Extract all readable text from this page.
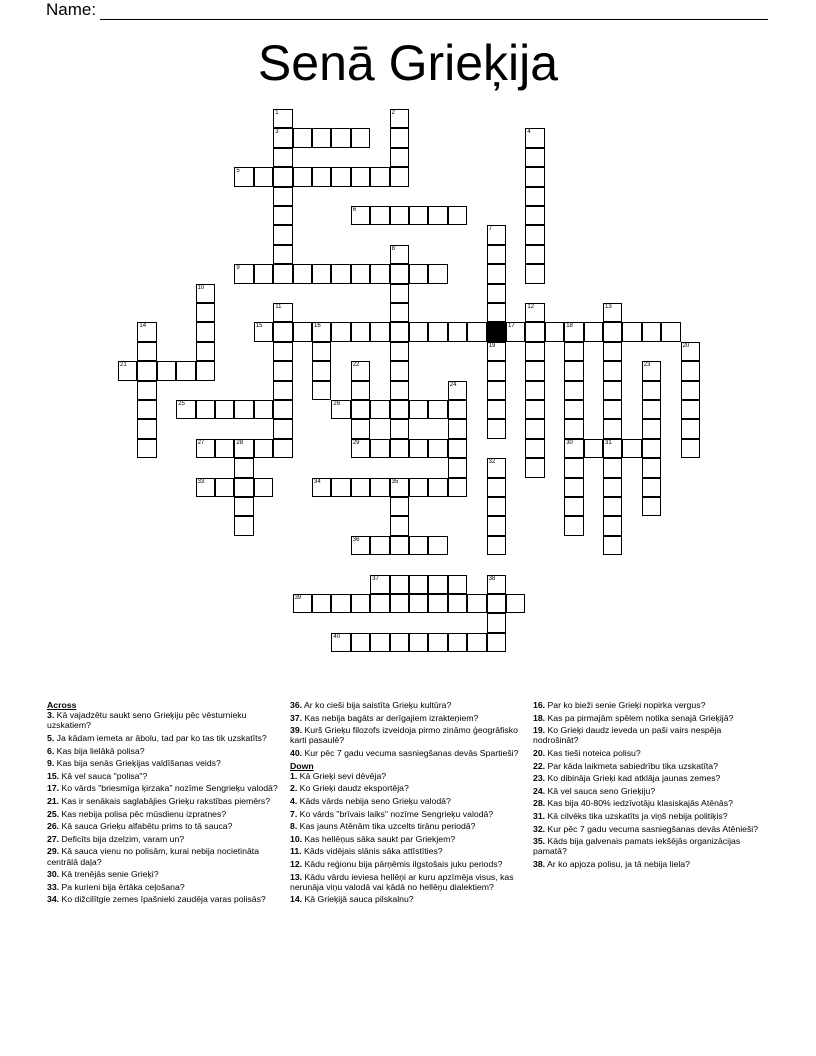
Name:
Senā Grieķija
1	2
3	4
5
6
7
8
9
10
11	12	13
14	15	16	17	18
19	20
21	22	23
24
25	26
27	28	29	30	31
32
33	34	35
36
37	38
39
40
Across
3. Kā vajadzētu saukt seno Grieķiju pēc vēsturnieku uzskatiem?
5. Ja kādam iemeta ar ābolu, tad par ko tas tik uzskatīts?
6. Kas bija lielākā polisa?
9. Kas bija senās Grieķijas valdīšanas veids?
15. Kā vel sauca "polisa"?
17. Ko vārds "briesmīga ķirzaka" nozīme Sengrieķu valodā?
21. Kas ir senākais saglabājies Grieķu rakstības piemērs?
25. Kas nebija polisa pēc mūsdienu izpratnes?
26. Kā sauca Grieķu alfabētu prims to tā sauca?
27. Deficīts bija dzelzim, varam un?
29. Kā sauca vienu no polisām, kurai nebija nocietināta centrālā daļa?
30. Kā trenējās senie Grieķi?
33. Pa kurieni bija ērtāka ceļošana?
34. Ko dižcilītgie zemes īpašnieki zaudēja varas polisās?
36. Ar ko cieši bija saistīta Grieķu kultūra?
37. Kas nebija bagāts ar derīgajiem izrakteņiem?
39. Kurš Grieķu filozofs izveidoja pirmo zināmo ģeogrāfisko karti pasaulē?
40. Kur pēc 7 gadu vecuma sasniegšanas devās Spartieši?
Down
1. Kā Grieķi sevi dēvēja?
2. Ko Grieķi daudz eksportēja?
4. Kāds vārds nebija seno Grieķu valodā?
7. Ko vārds "brīvais laiks" nozīme Sengrieķu valodā?
8. Kas jauns Atēnām tika uzcelts tirānu periodā?
10. Kas hellēņus sāka saukt par Griekjem?
11. Kāds vidējais slānis sāka attīstīties?
12. Kādu reģionu bija pārņēmis ilgstošais juku periods?
13. Kādu vārdu ieviesa hellēņi ar kuru apzīmēja visus, kas nerunāja viņu valodā vai kādā no hellēņu dialektiem?
14. Kā Grieķijā sauca pilskalnu?
16. Par ko bieži senie Grieķi nopirka vergus?
18. Kas pa pirmajām spēlem notika senajā Grieķijā?
19. Ko Grieķi daudz ieveda un paši vairs nespēja nodrošināt?
20. Kas tieši noteica polisu?
22. Par kāda laikmeta sabiedrību tika uzskatīta?
23. Ko dibināja Grieķi kad atklāja jaunas zemes?
24. Kā vel sauca seno Grieķiju?
28. Kas bija 40-80% iedzīvotāju klasiskajās Atēnās?
31. Kā cilvēks tika uzskatīts ja viņš nebija politiķis?
32. Kur pēc 7 gadu vecuma sasniegšanas devās Atēnieši?
35. Kāds bija galvenais pamats iekšējās organizācijas pamatā?
38. Ar ko apjoza polisu, ja tā nebija liela?
